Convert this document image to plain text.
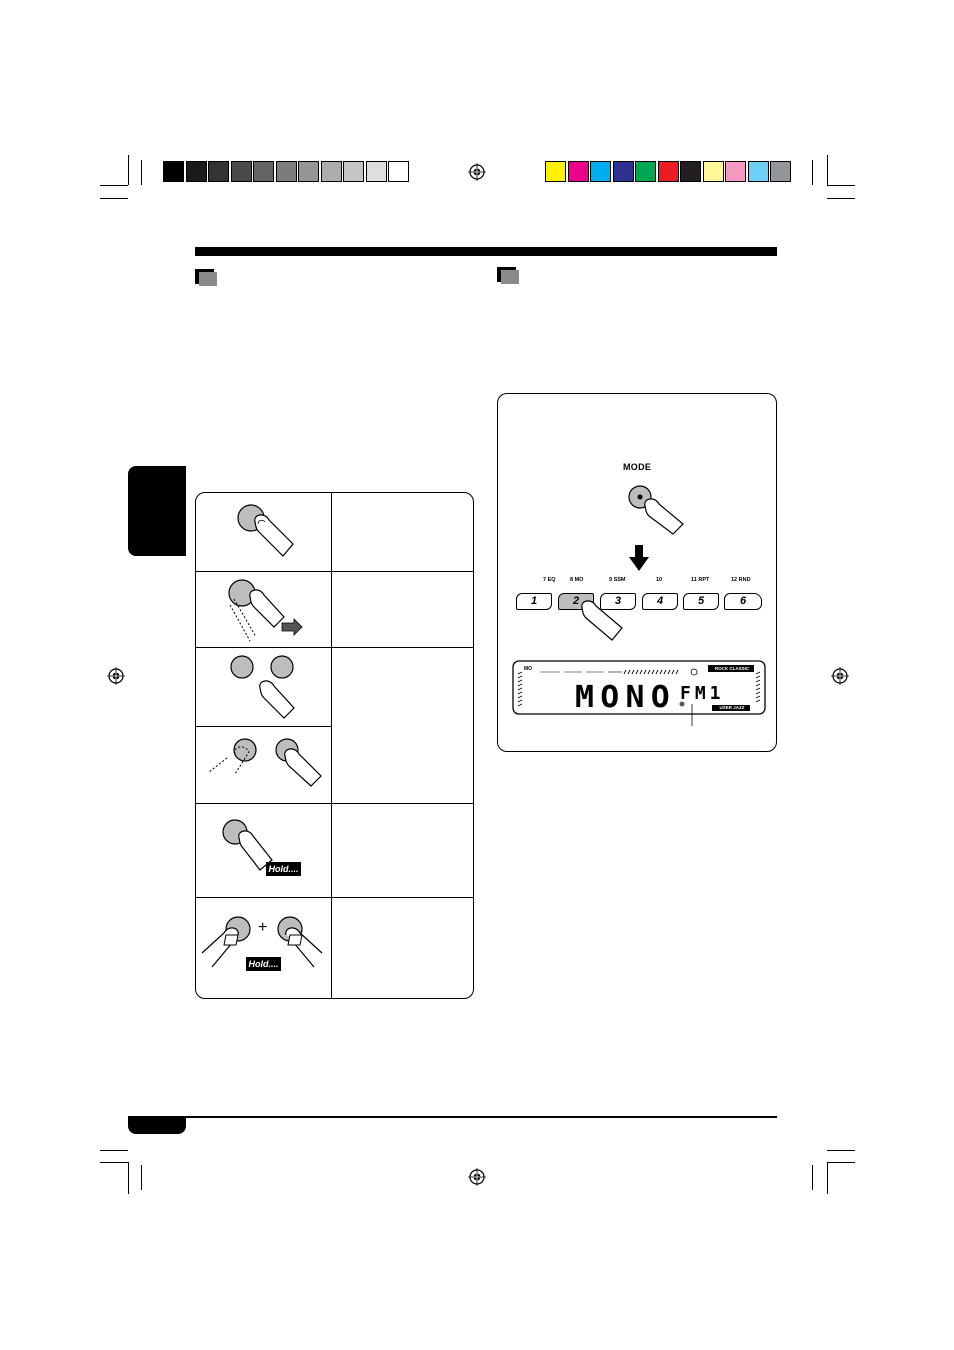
Hold....
+
Hold....
MODE
7 EQ	8 MO	9 SSM	10	11 RPT	12 RND
1	2	3	4	5	6
MO	ROCK CLASSIC
USER JAZZ
MONO FM1
